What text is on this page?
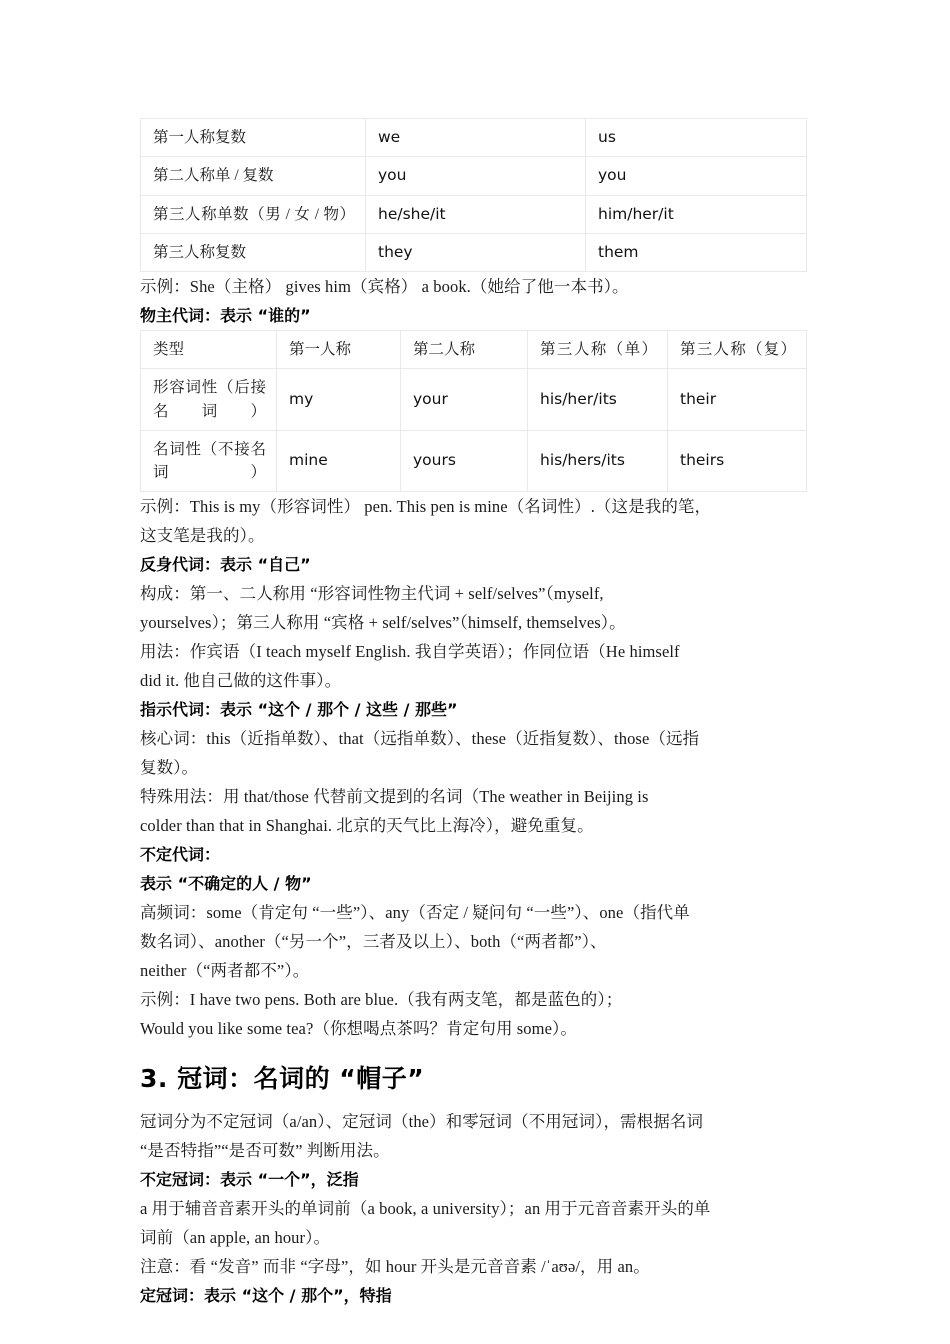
第一人称复数	we	us
第二人称单 / 复数	you	you
第三人称单数（男 / 女 / 物）	he/she/it	him/her/it
第三人称复数	they	them

示例：She（主格） gives him（宾格） a book.（她给了他一本书）。

物主代词：表示 “谁的”

类型	第一人称	第二人称	第三人称（单）	第三人称（复）
形容词性（后接名词）	my	your	his/her/its	their
名词性（不接名词）	mine	yours	his/hers/its	theirs

示例：This is my（形容词性） pen. This pen is mine（名词性）.（这是我的笔，

这支笔是我的）。

反身代词：表示 “自己”

构成：第一、二人称用 “形容词性物主代词 + self/selves”（myself,

yourselves）；第三人称用 “宾格 + self/selves”（himself, themselves）。

用法：作宾语（I teach myself English. 我自学英语）；作同位语（He himself

did it. 他自己做的这件事）。

指示代词：表示 “这个 / 那个 / 这些 / 那些”

核心词：this（近指单数）、that（远指单数）、these（近指复数）、those（远指

复数）。

特殊用法：用 that/those 代替前文提到的名词（The weather in Beijing is

colder than that in Shanghai. 北京的天气比上海冷），避免重复。

不定代词：

表示 “不确定的人 / 物”

高频词：some（肯定句 “一些”）、any（否定 / 疑问句 “一些”）、one（指代单

数名词）、another（“另一个”，三者及以上）、both（“两者都”）、

neither（“两者都不”）。

示例：I have two pens. Both are blue.（我有两支笔，都是蓝色的）；

Would you like some tea?（你想喝点茶吗？肯定句用 some）。

3. 冠词：名词的 “帽子”

冠词分为不定冠词（a/an）、定冠词（the）和零冠词（不用冠词），需根据名词

“是否特指”“是否可数” 判断用法。

不定冠词：表示 “一个”，泛指

a 用于辅音音素开头的单词前（a book, a university）；an 用于元音音素开头的单

词前（an apple, an hour）。

注意：看 “发音” 而非 “字母”，如 hour 开头是元音音素 /ˈaʊə/，用 an。

定冠词：表示 “这个 / 那个”，特指
